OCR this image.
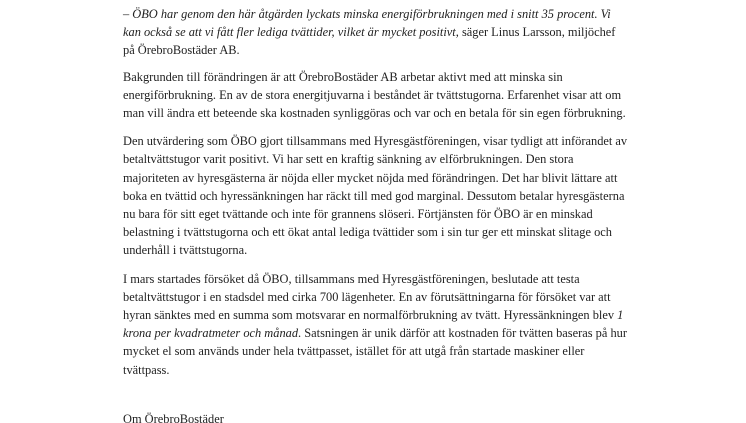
– ÖBO har genom den här åtgärden lyckats minska energiförbrukningen med i snitt 35 procent. Vi kan också se att vi fått fler lediga tvättider, vilket är mycket positivt, säger Linus Larsson, miljöchef på ÖrebroBostäder AB.

Bakgrunden till förändringen är att ÖrebroBostäder AB arbetar aktivt med att minska sin energiförbrukning. En av de stora energitjuvarna i beståndet är tvättstugorna. Erfarenhet visar att om man vill ändra ett beteende ska kostnaden synliggöras och var och en betala för sin egen förbrukning.

Den utvärdering som ÖBO gjort tillsammans med Hyresgästföreningen, visar tydligt att införandet av betaltvättstugor varit positivt. Vi har sett en kraftig sänkning av elförbrukningen. Den stora majoriteten av hyresgästerna är nöjda eller mycket nöjda med förändringen. Det har blivit lättare att boka en tvättid och hyressänkningen har räckt till med god marginal. Dessutom betalar hyresgästerna nu bara för sitt eget tvättande och inte för grannens slöseri. Förtjänsten för ÖBO är en minskad belastning i tvättstugorna och ett ökat antal lediga tvättider som i sin tur ger ett minskat slitage och underhåll i tvättstugorna.

I mars startades försöket då ÖBO, tillsammans med Hyresgästföreningen, beslutade att testa betaltvättstugor i en stadsdel med cirka 700 lägenheter. En av förutsättningarna för försöket var att hyran sänktes med en summa som motsvarar en normalförbrukning av tvätt. Hyressänkningen blev 1 krona per kvadratmeter och månad. Satsningen är unik därför att kostnaden för tvätten baseras på hur mycket el som används under hela tvättpasset, istället för att utgå från startade maskiner eller tvättpass.

Om ÖrebroBostäder
